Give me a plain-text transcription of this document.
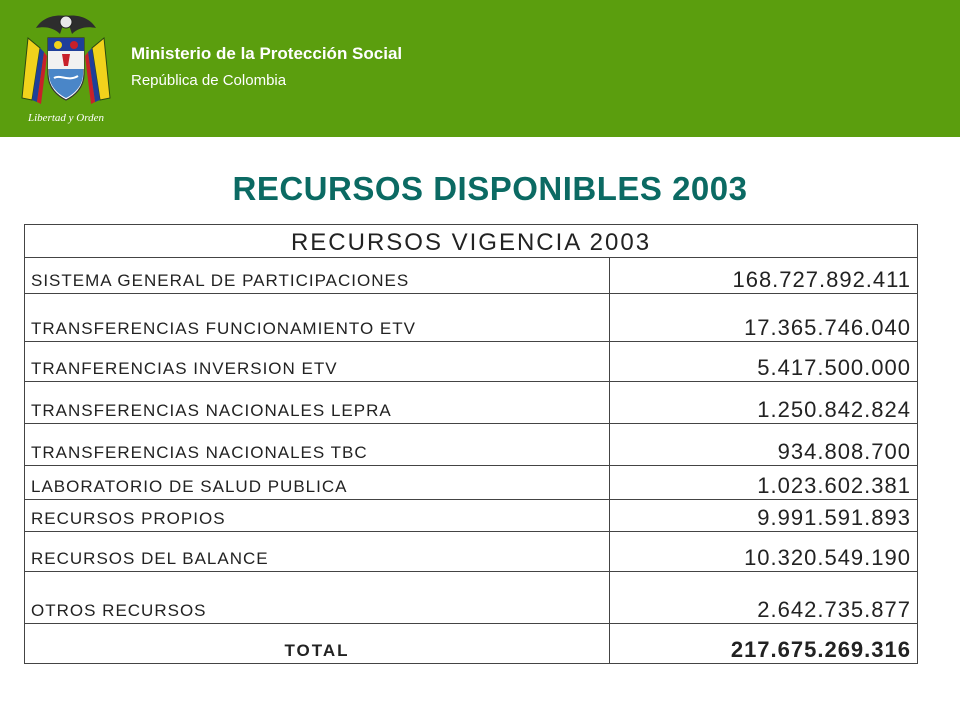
Libertad y Orden
Ministerio de la Protección Social
República de Colombia
RECURSOS DISPONIBLES 2003
RECURSOS VIGENCIA 2003	
SISTEMA GENERAL DE PARTICIPACIONES	168.727.892.411
TRANSFERENCIAS FUNCIONAMIENTO ETV	17.365.746.040
TRANFERENCIAS INVERSION ETV	5.417.500.000
TRANSFERENCIAS NACIONALES LEPRA	1.250.842.824
TRANSFERENCIAS NACIONALES TBC	934.808.700
LABORATORIO DE SALUD PUBLICA	1.023.602.381
RECURSOS PROPIOS	9.991.591.893
RECURSOS DEL BALANCE	10.320.549.190
OTROS RECURSOS	2.642.735.877
TOTAL	217.675.269.316
